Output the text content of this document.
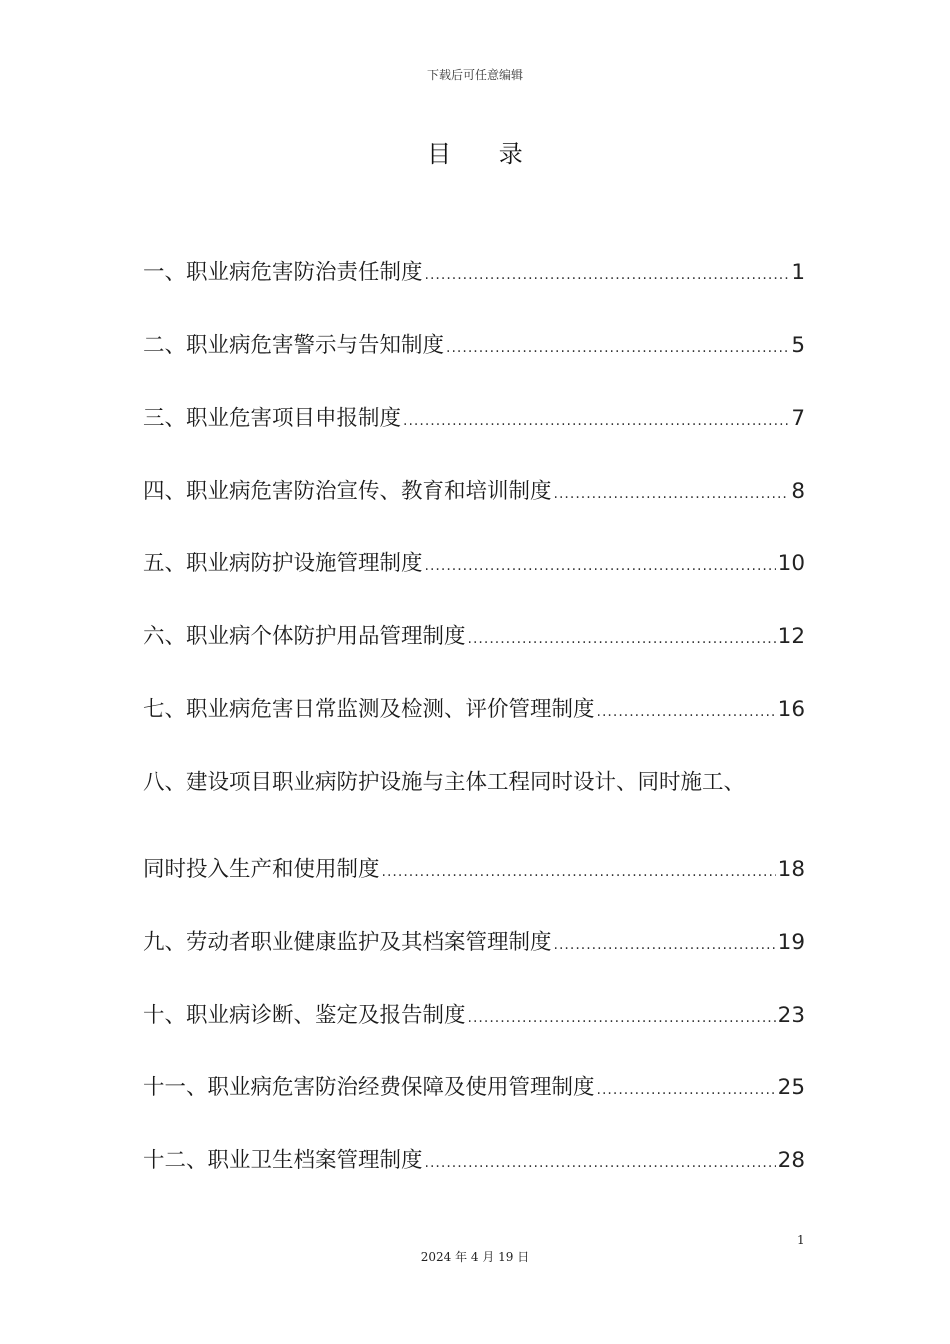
下载后可任意编辑
目 录
一、职业病危害防治责任制度 .....	1
二、职业病危害警示与告知制度 .....	5
三、职业危害项目申报制度 .....	7
四、职业病危害防治宣传、教育和培训制度 .....	8
五、职业病防护设施管理制度 .....	10
六、职业病个体防护用品管理制度 .....	12
七、职业病危害日常监测及检测、评价管理制度 .....	16
八、建设项目职业病防护设施与主体工程同时设计、同时施工、
同时投入生产和使用制度 .....	18
九、劳动者职业健康监护及其档案管理制度 .....	19
十、职业病诊断、鉴定及报告制度 .....	23
十一、职业病危害防治经费保障及使用管理制度 .....	25
十二、职业卫生档案管理制度 .....	28
1
2024 年 4 月 19 日
